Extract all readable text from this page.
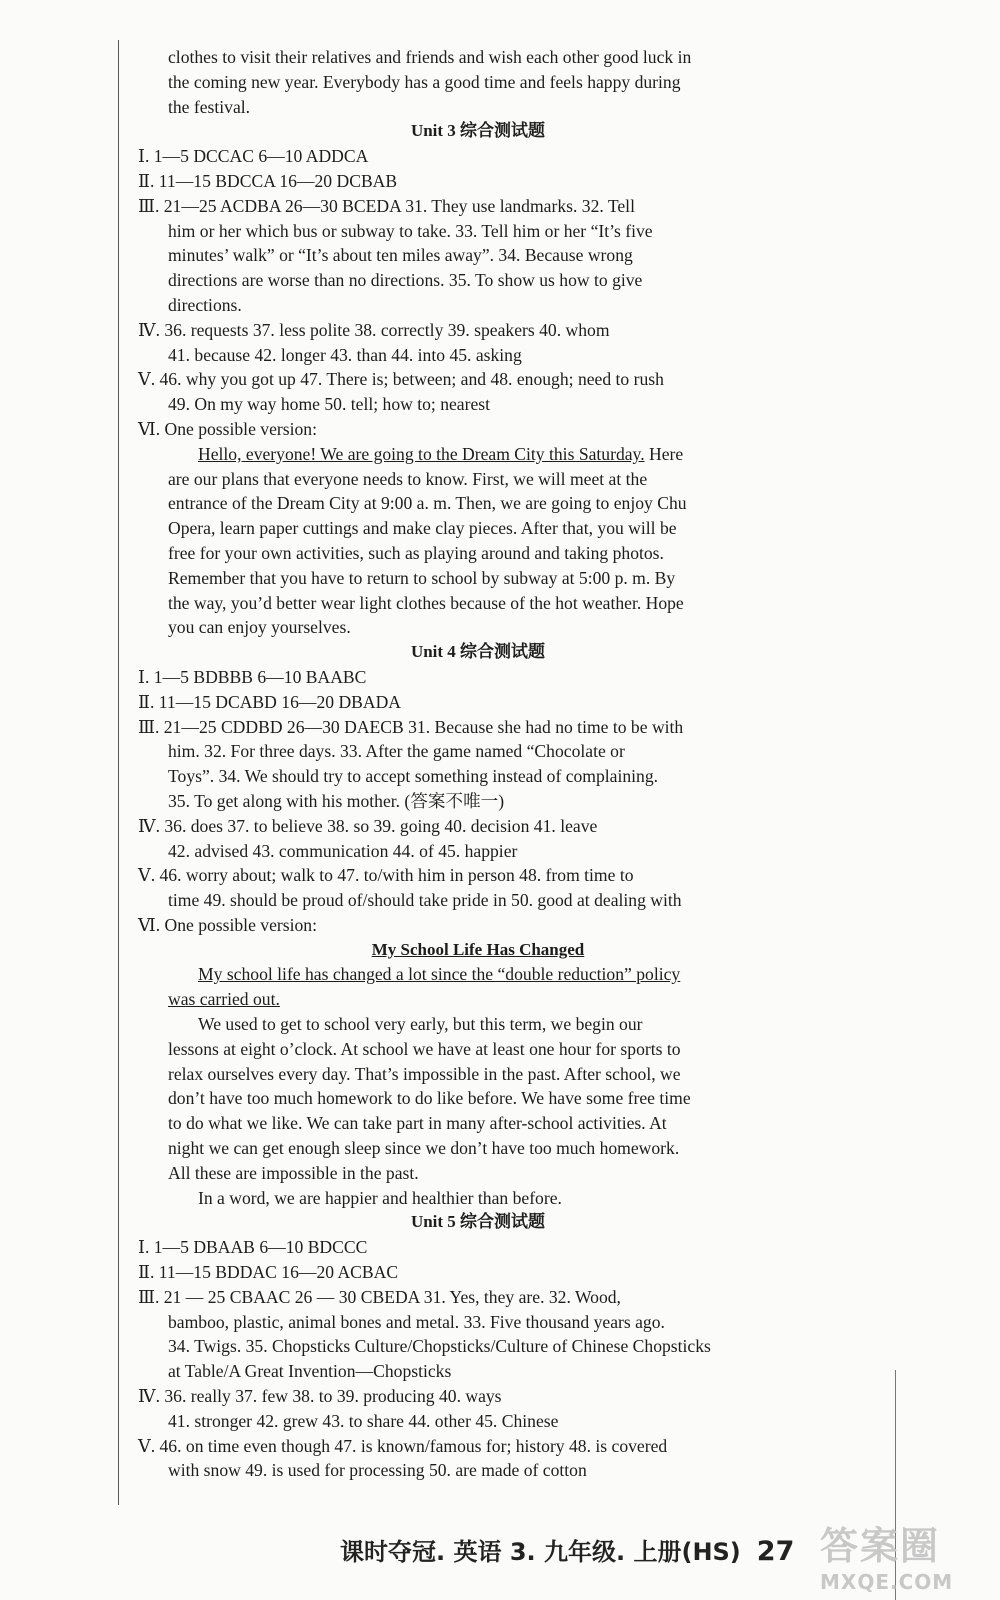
clothes to visit their relatives and friends and wish each other good luck in
the coming new year. Everybody has a good time and feels happy during
the festival.
Unit 3 综合测试题
Ⅰ. 1—5 DCCAC 6—10 ADDCA
Ⅱ. 11—15 BDCCA 16—20 DCBAB
Ⅲ. 21—25 ACDBA 26—30 BCEDA 31. They use landmarks. 32. Tell
him or her which bus or subway to take. 33. Tell him or her “It’s five
minutes’ walk” or “It’s about ten miles away”. 34. Because wrong
directions are worse than no directions. 35. To show us how to give
directions.
Ⅳ. 36. requests 37. less polite 38. correctly 39. speakers 40. whom
41. because 42. longer 43. than 44. into 45. asking
Ⅴ. 46. why you got up 47. There is; between; and 48. enough; need to rush
49. On my way home 50. tell; how to; nearest
Ⅵ. One possible version:
Hello, everyone! We are going to the Dream City this Saturday. Here
are our plans that everyone needs to know. First, we will meet at the
entrance of the Dream City at 9:00 a. m. Then, we are going to enjoy Chu
Opera, learn paper cuttings and make clay pieces. After that, you will be
free for your own activities, such as playing around and taking photos.
Remember that you have to return to school by subway at 5:00 p. m. By
the way, you’d better wear light clothes because of the hot weather. Hope
you can enjoy yourselves.
Unit 4 综合测试题
Ⅰ. 1—5 BDBBB 6—10 BAABC
Ⅱ. 11—15 DCABD 16—20 DBADA
Ⅲ. 21—25 CDDBD 26—30 DAECB 31. Because she had no time to be with
him. 32. For three days. 33. After the game named “Chocolate or
Toys”. 34. We should try to accept something instead of complaining.
35. To get along with his mother. (答案不唯一)
Ⅳ. 36. does 37. to believe 38. so 39. going 40. decision 41. leave
42. advised 43. communication 44. of 45. happier
Ⅴ. 46. worry about; walk to 47. to/with him in person 48. from time to
time 49. should be proud of/should take pride in 50. good at dealing with
Ⅵ. One possible version:
My School Life Has Changed
My school life has changed a lot since the “double reduction” policy
was carried out.
We used to get to school very early, but this term, we begin our
lessons at eight o’clock. At school we have at least one hour for sports to
relax ourselves every day. That’s impossible in the past. After school, we
don’t have too much homework to do like before. We have some free time
to do what we like. We can take part in many after-school activities. At
night we can get enough sleep since we don’t have too much homework.
All these are impossible in the past.
In a word, we are happier and healthier than before.
Unit 5 综合测试题
Ⅰ. 1—5 DBAAB 6—10 BDCCC
Ⅱ. 11—15 BDDAC 16—20 ACBAC
Ⅲ. 21 — 25 CBAAC 26 — 30 CBEDA 31. Yes, they are. 32. Wood,
bamboo, plastic, animal bones and metal. 33. Five thousand years ago.
34. Twigs. 35. Chopsticks Culture/Chopsticks/Culture of Chinese Chopsticks
at Table/A Great Invention—Chopsticks
Ⅳ. 36. really 37. few 38. to 39. producing 40. ways
41. stronger 42. grew 43. to share 44. other 45. Chinese
Ⅴ. 46. on time even though 47. is known/famous for; history 48. is covered
with snow 49. is used for processing 50. are made of cotton
课时夺冠. 英语 3. 九年级. 上册(HS) 27 答案圈
MXQE.COM
